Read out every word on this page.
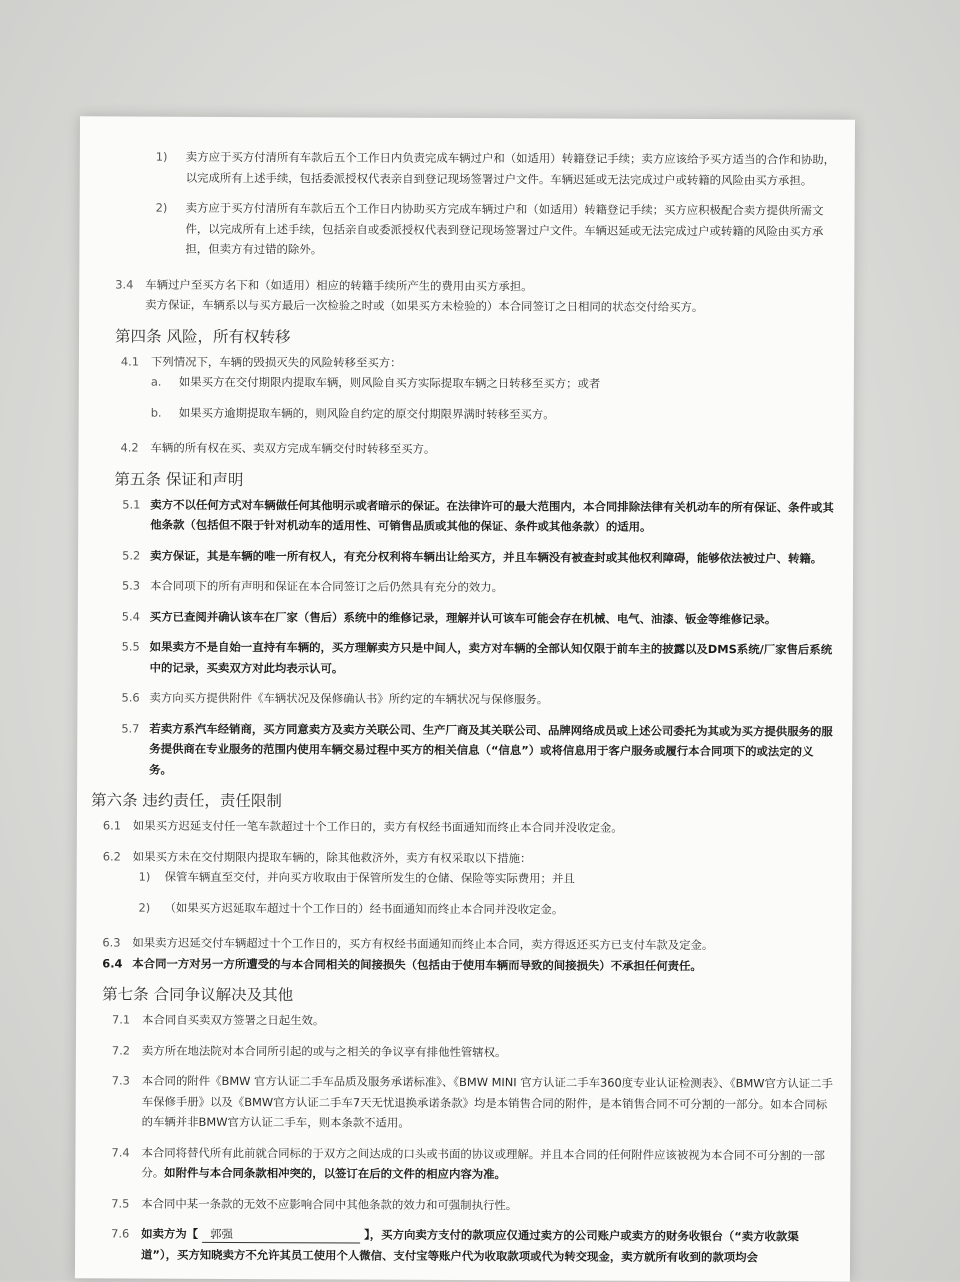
1)	卖方应于买方付清所有车款后五个工作日内负责完成车辆过户和（如适用）转籍登记手续；卖方应该给予买方适当的合作和协助，以完成所有上述手续，包括委派授权代表亲自到登记现场签署过户文件。车辆迟延或无法完成过户或转籍的风险由买方承担。
2)	卖方应于买方付清所有车款后五个工作日内协助买方完成车辆过户和（如适用）转籍登记手续；买方应积极配合卖方提供所需文件，以完成所有上述手续，包括亲自或委派授权代表到登记现场签署过户文件。车辆迟延或无法完成过户或转籍的风险由买方承担，但卖方有过错的除外。
3.4	车辆过户至买方名下和（如适用）相应的转籍手续所产生的费用由买方承担。
卖方保证，车辆系以与买方最后一次检验之时或（如果买方未检验的）本合同签订之日相同的状态交付给买方。
第四条 风险，所有权转移
4.1	下列情况下，车辆的毁损灭失的风险转移至买方：
a.	如果买方在交付期限内提取车辆，则风险自买方实际提取车辆之日转移至买方；或者
b.	如果买方逾期提取车辆的，则风险自约定的原交付期限界满时转移至买方。
4.2	车辆的所有权在买、卖双方完成车辆交付时转移至买方。
第五条 保证和声明
5.1 卖方不以任何方式对车辆做任何其他明示或者暗示的保证。在法律许可的最大范围内，本合同排除法律有关机动车的所有保证、条件或其他条款（包括但不限于针对机动车的适用性、可销售品质或其他的保证、条件或其他条款）的适用。
5.2 卖方保证，其是车辆的唯一所有权人，有充分权利将车辆出让给买方，并且车辆没有被查封或其他权利障碍，能够依法被过户、转籍。
5.3 本合同项下的所有声明和保证在本合同签订之后仍然具有充分的效力。
5.4 买方已查阅并确认该车在厂家（售后）系统中的维修记录，理解并认可该车可能会存在机械、电气、油漆、钣金等维修记录。
5.5 如果卖方不是自始一直持有车辆的，买方理解卖方只是中间人，卖方对车辆的全部认知仅限于前车主的披露以及DMS系统/厂家售后系统中的记录，买卖双方对此均表示认可。
5.6 卖方向买方提供附件《车辆状况及保修确认书》所约定的车辆状况与保修服务。
5.7 若卖方系汽车经销商，买方同意卖方及卖方关联公司、生产厂商及其关联公司、品牌网络成员或上述公司委托为其或为买方提供服务的服务提供商在专业服务的范围内使用车辆交易过程中买方的相关信息（“信息”）或将信息用于客户服务或履行本合同项下的或法定的义务。
第六条 违约责任，责任限制
6.1	如果买方迟延支付任一笔车款超过十个工作日的，卖方有权经书面通知而终止本合同并没收定金。
6.2	如果买方未在交付期限内提取车辆的，除其他救济外，卖方有权采取以下措施：
1)	保管车辆直至交付，并向买方收取由于保管所发生的仓储、保险等实际费用；并且
2)	（如果买方迟延取车超过十个工作日的）经书面通知而终止本合同并没收定金。
6.3	如果卖方迟延交付车辆超过十个工作日的，买方有权经书面通知而终止本合同，卖方得返还买方已支付车款及定金。
6.4 本合同一方对另一方所遭受的与本合同相关的间接损失（包括由于使用车辆而导致的间接损失）不承担任何责任。
第七条 合同争议解决及其他
7.1	本合同自买卖双方签署之日起生效。
7.2	卖方所在地法院对本合同所引起的或与之相关的争议享有排他性管辖权。
7.3	本合同的附件《BMW 官方认证二手车品质及服务承诺标准》、《BMW MINI 官方认证二手车360度专业认证检测表》、《BMW官方认证二手车保修手册》以及《BMW官方认证二手车7天无忧退换承诺条款》均是本销售合同的附件，是本销售合同不可分割的一部分。如本合同标的车辆并非BMW官方认证二手车，则本条款不适用。
7.4	本合同将替代所有此前就合同标的于双方之间达成的口头或书面的协议或理解。并且本合同的任何附件应该被视为本合同不可分割的一部分。如附件与本合同条款相冲突的，以签订在后的文件的相应内容为准。
7.5	本合同中某一条款的无效不应影响合同中其他条款的效力和可强制执行性。
7.6	如卖方为【 郭强	】，买方向卖方支付的款项应仅通过卖方的公司账户或卖方的财务收银台（“卖方收款渠道”），买方知晓卖方不允许其员工使用个人微信、支付宝等账户代为收取款项或代为转交现金，卖方就所有收到的款项均会
